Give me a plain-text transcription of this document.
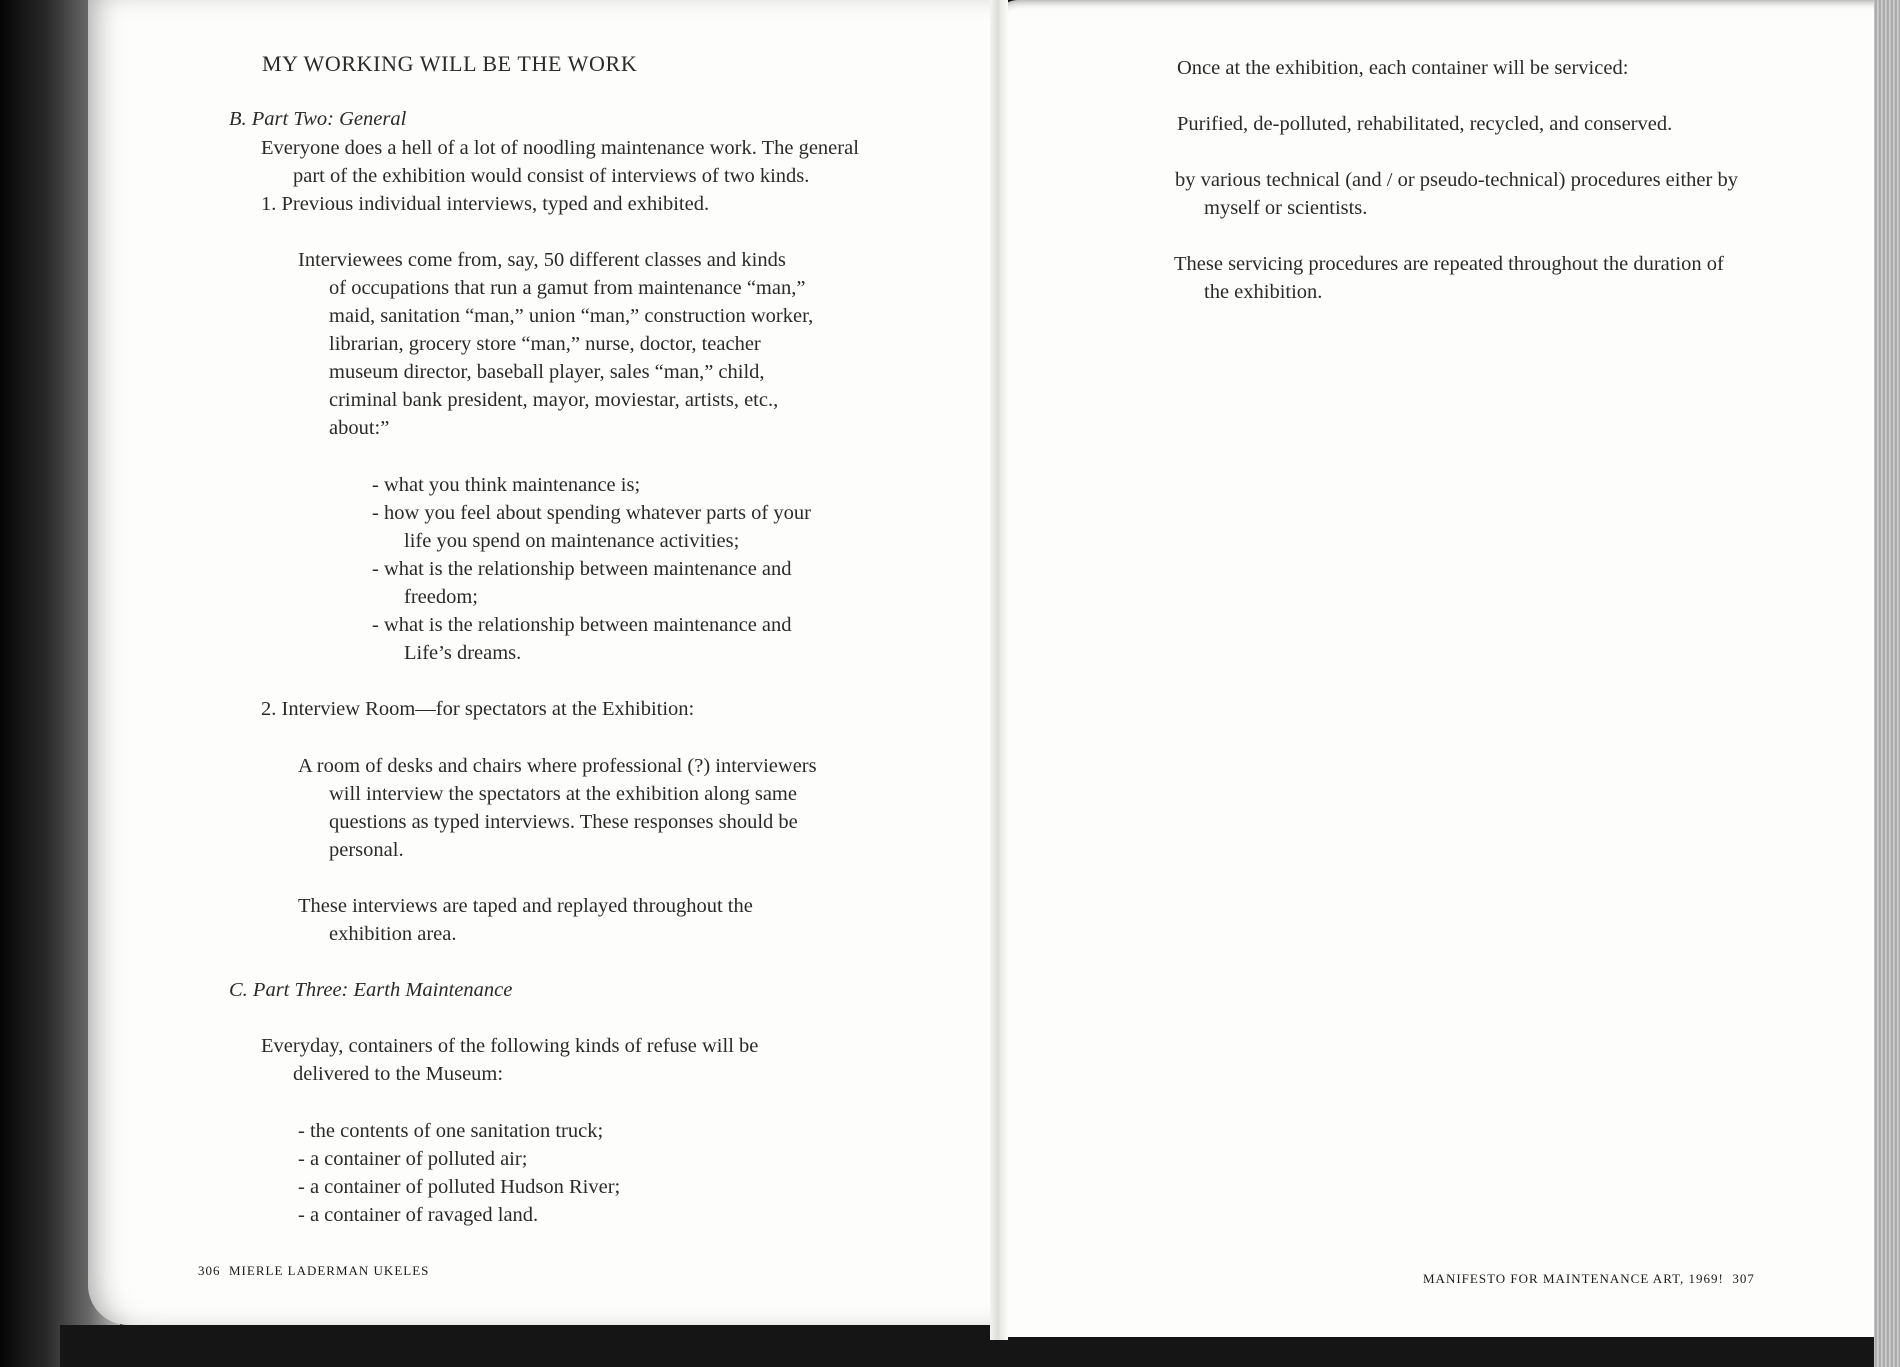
MY WORKING WILL BE THE WORK
B. Part Two: General
Everyone does a hell of a lot of noodling maintenance work. The general
part of the exhibition would consist of interviews of two kinds.
1. Previous individual interviews, typed and exhibited.
Interviewees come from, say, 50 different classes and kinds
of occupations that run a gamut from maintenance “man,”
maid, sanitation “man,” union “man,” construction worker,
librarian, grocery store “man,” nurse, doctor, teacher
museum director, baseball player, sales “man,” child,
criminal bank president, mayor, moviestar, artists, etc.,
about:”
- what you think maintenance is;
- how you feel about spending whatever parts of your
life you spend on maintenance activities;
- what is the relationship between maintenance and
freedom;
- what is the relationship between maintenance and
Life’s dreams.
2. Interview Room—for spectators at the Exhibition:
A room of desks and chairs where professional (?) interviewers
will interview the spectators at the exhibition along same
questions as typed interviews. These responses should be
personal.
These interviews are taped and replayed throughout the
exhibition area.
C. Part Three: Earth Maintenance
Everyday, containers of the following kinds of refuse will be
delivered to the Museum:
- the contents of one sanitation truck;
- a container of polluted air;
- a container of polluted Hudson River;
- a container of ravaged land.
306 MIERLE LADERMAN UKELES
Once at the exhibition, each container will be serviced:
Purified, de-polluted, rehabilitated, recycled, and conserved.
by various technical (and / or pseudo-technical) procedures either by
myself or scientists.
These servicing procedures are repeated throughout the duration of
the exhibition.
MANIFESTO FOR MAINTENANCE ART, 1969! 307
